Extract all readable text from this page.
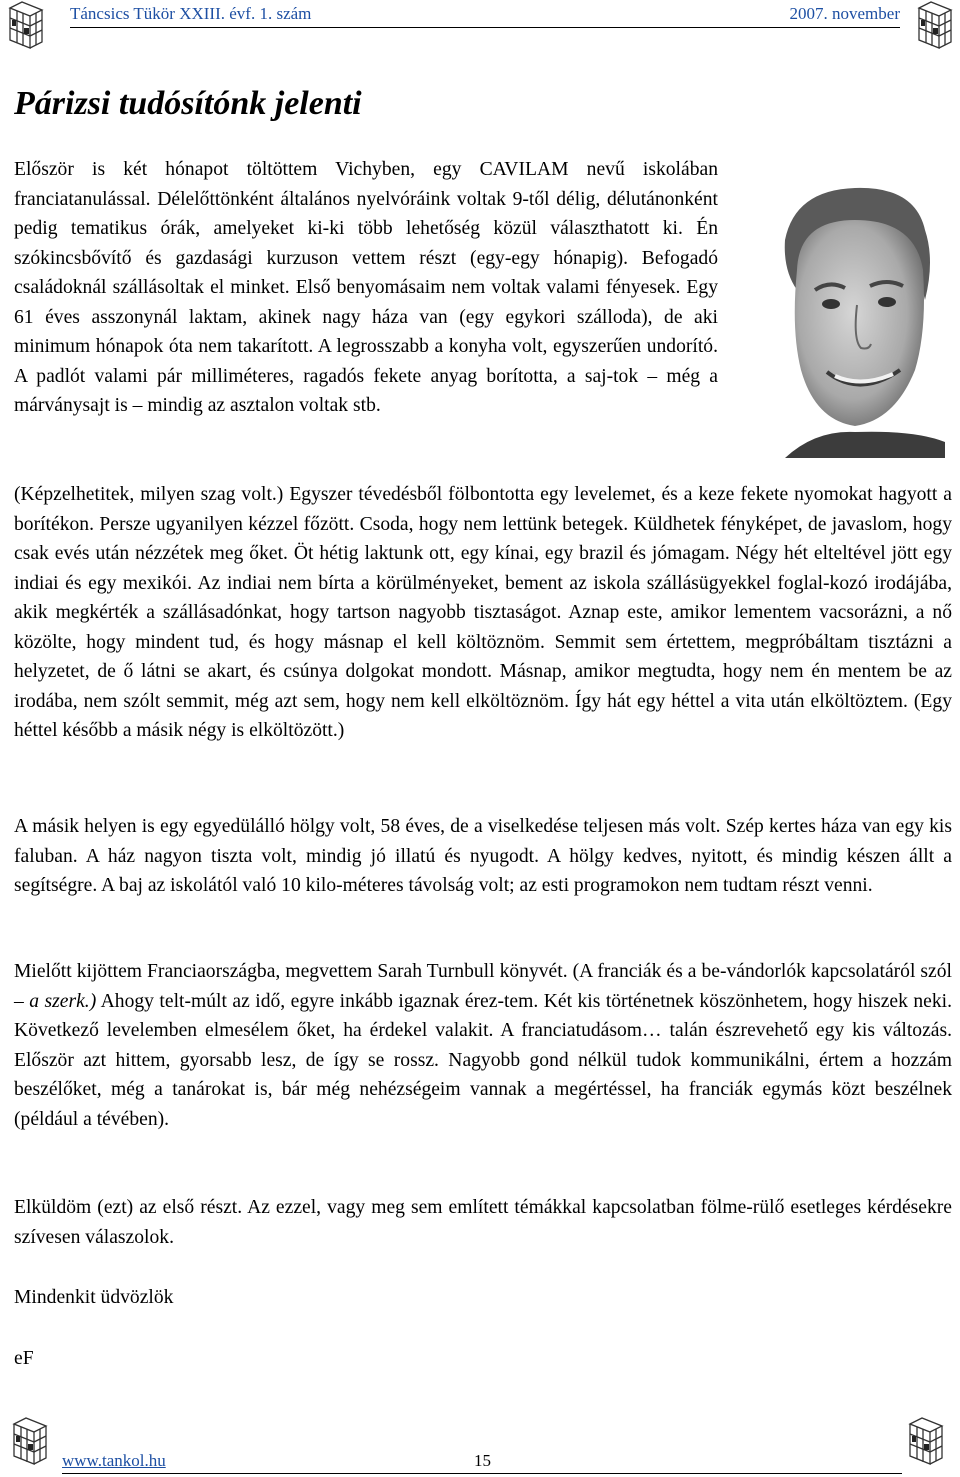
Táncsics Tükör XXIII. évf. 1. szám	2007. november
Párizsi tudósítónk jelenti

Először is két hónapot töltöttem Vichyben, egy CAVILAM nevű iskolában franciatanulással. Délelőttönként általános nyelvóráink voltak 9-től délig, délutánonként pedig tematikus órák, amelyeket ki-ki több lehetőség közül választhatott ki. Én szókincsbővítő és gazdasági kurzuson vettem részt (egy-egy hónapig). Befogadó családoknál szállásoltak el minket. Első benyomásaim nem voltak valami fényesek. Egy 61 éves asszonynál laktam, akinek nagy háza van (egy egykori szálloda), de aki minimum hónapok óta nem takarított. A legrosszabb a konyha volt, egyszerűen undorító. A padlót valami pár milliméteres, ragadós fekete anyag borította, a saj-tok – még a márványsajt is – mindig az asztalon voltak stb.

(Képzelhetitek, milyen szag volt.) Egyszer tévedésből fölbontotta egy levelemet, és a keze fekete nyomokat hagyott a borítékon. Persze ugyanilyen kézzel főzött. Csoda, hogy nem lettünk betegek. Küldhetek fényképet, de javaslom, hogy csak evés után nézzétek meg őket. Öt hétig laktunk ott, egy kínai, egy brazil és jómagam. Négy hét elteltével jött egy indiai és egy mexikói. Az indiai nem bírta a körülményeket, bement az iskola szállásügyekkel foglal-kozó irodájába, akik megkérték a szállásadónkat, hogy tartson nagyobb tisztaságot. Aznap este, amikor lementem vacsorázni, a nő közölte, hogy mindent tud, és hogy másnap el kell költöznöm. Semmit sem értettem, megpróbáltam tisztázni a helyzetet, de ő látni se akart, és csúnya dolgokat mondott. Másnap, amikor megtudta, hogy nem én mentem be az irodába, nem szólt semmit, még azt sem, hogy nem kell elköltöznöm. Így hát egy héttel a vita után elköltöztem. (Egy héttel később a másik négy is elköltözött.)

A másik helyen is egy egyedülálló hölgy volt, 58 éves, de a viselkedése teljesen más volt. Szép kertes háza van egy kis faluban. A ház nagyon tiszta volt, mindig jó illatú és nyugodt. A hölgy kedves, nyitott, és mindig készen állt a segítségre. A baj az iskolától való 10 kilo-méteres távolság volt; az esti programokon nem tudtam részt venni.

Mielőtt kijöttem Franciaországba, megvettem Sarah Turnbull könyvét. (A franciák és a be-vándorlók kapcsolatáról szól – a szerk.) Ahogy telt-múlt az idő, egyre inkább igaznak érez-tem. Két kis történetnek köszönhetem, hogy hiszek neki. Következő levelemben elmesélem őket, ha érdekel valakit. A franciatudásom… talán észrevehető egy kis változás. Először azt hittem, gyorsabb lesz, de így se rossz. Nagyobb gond nélkül tudok kommunikálni, értem a hozzám beszélőket, még a tanárokat is, bár még nehézségeim vannak a megértéssel, ha franciák egymás közt beszélnek (például a tévében).

Elküldöm (ezt) az első részt. Az ezzel, vagy meg sem említett témákkal kapcsolatban fölme-rülő esetleges kérdésekre szívesen válaszolok.

Mindenkit üdvözlök

eF

www.tankol.hu	15
